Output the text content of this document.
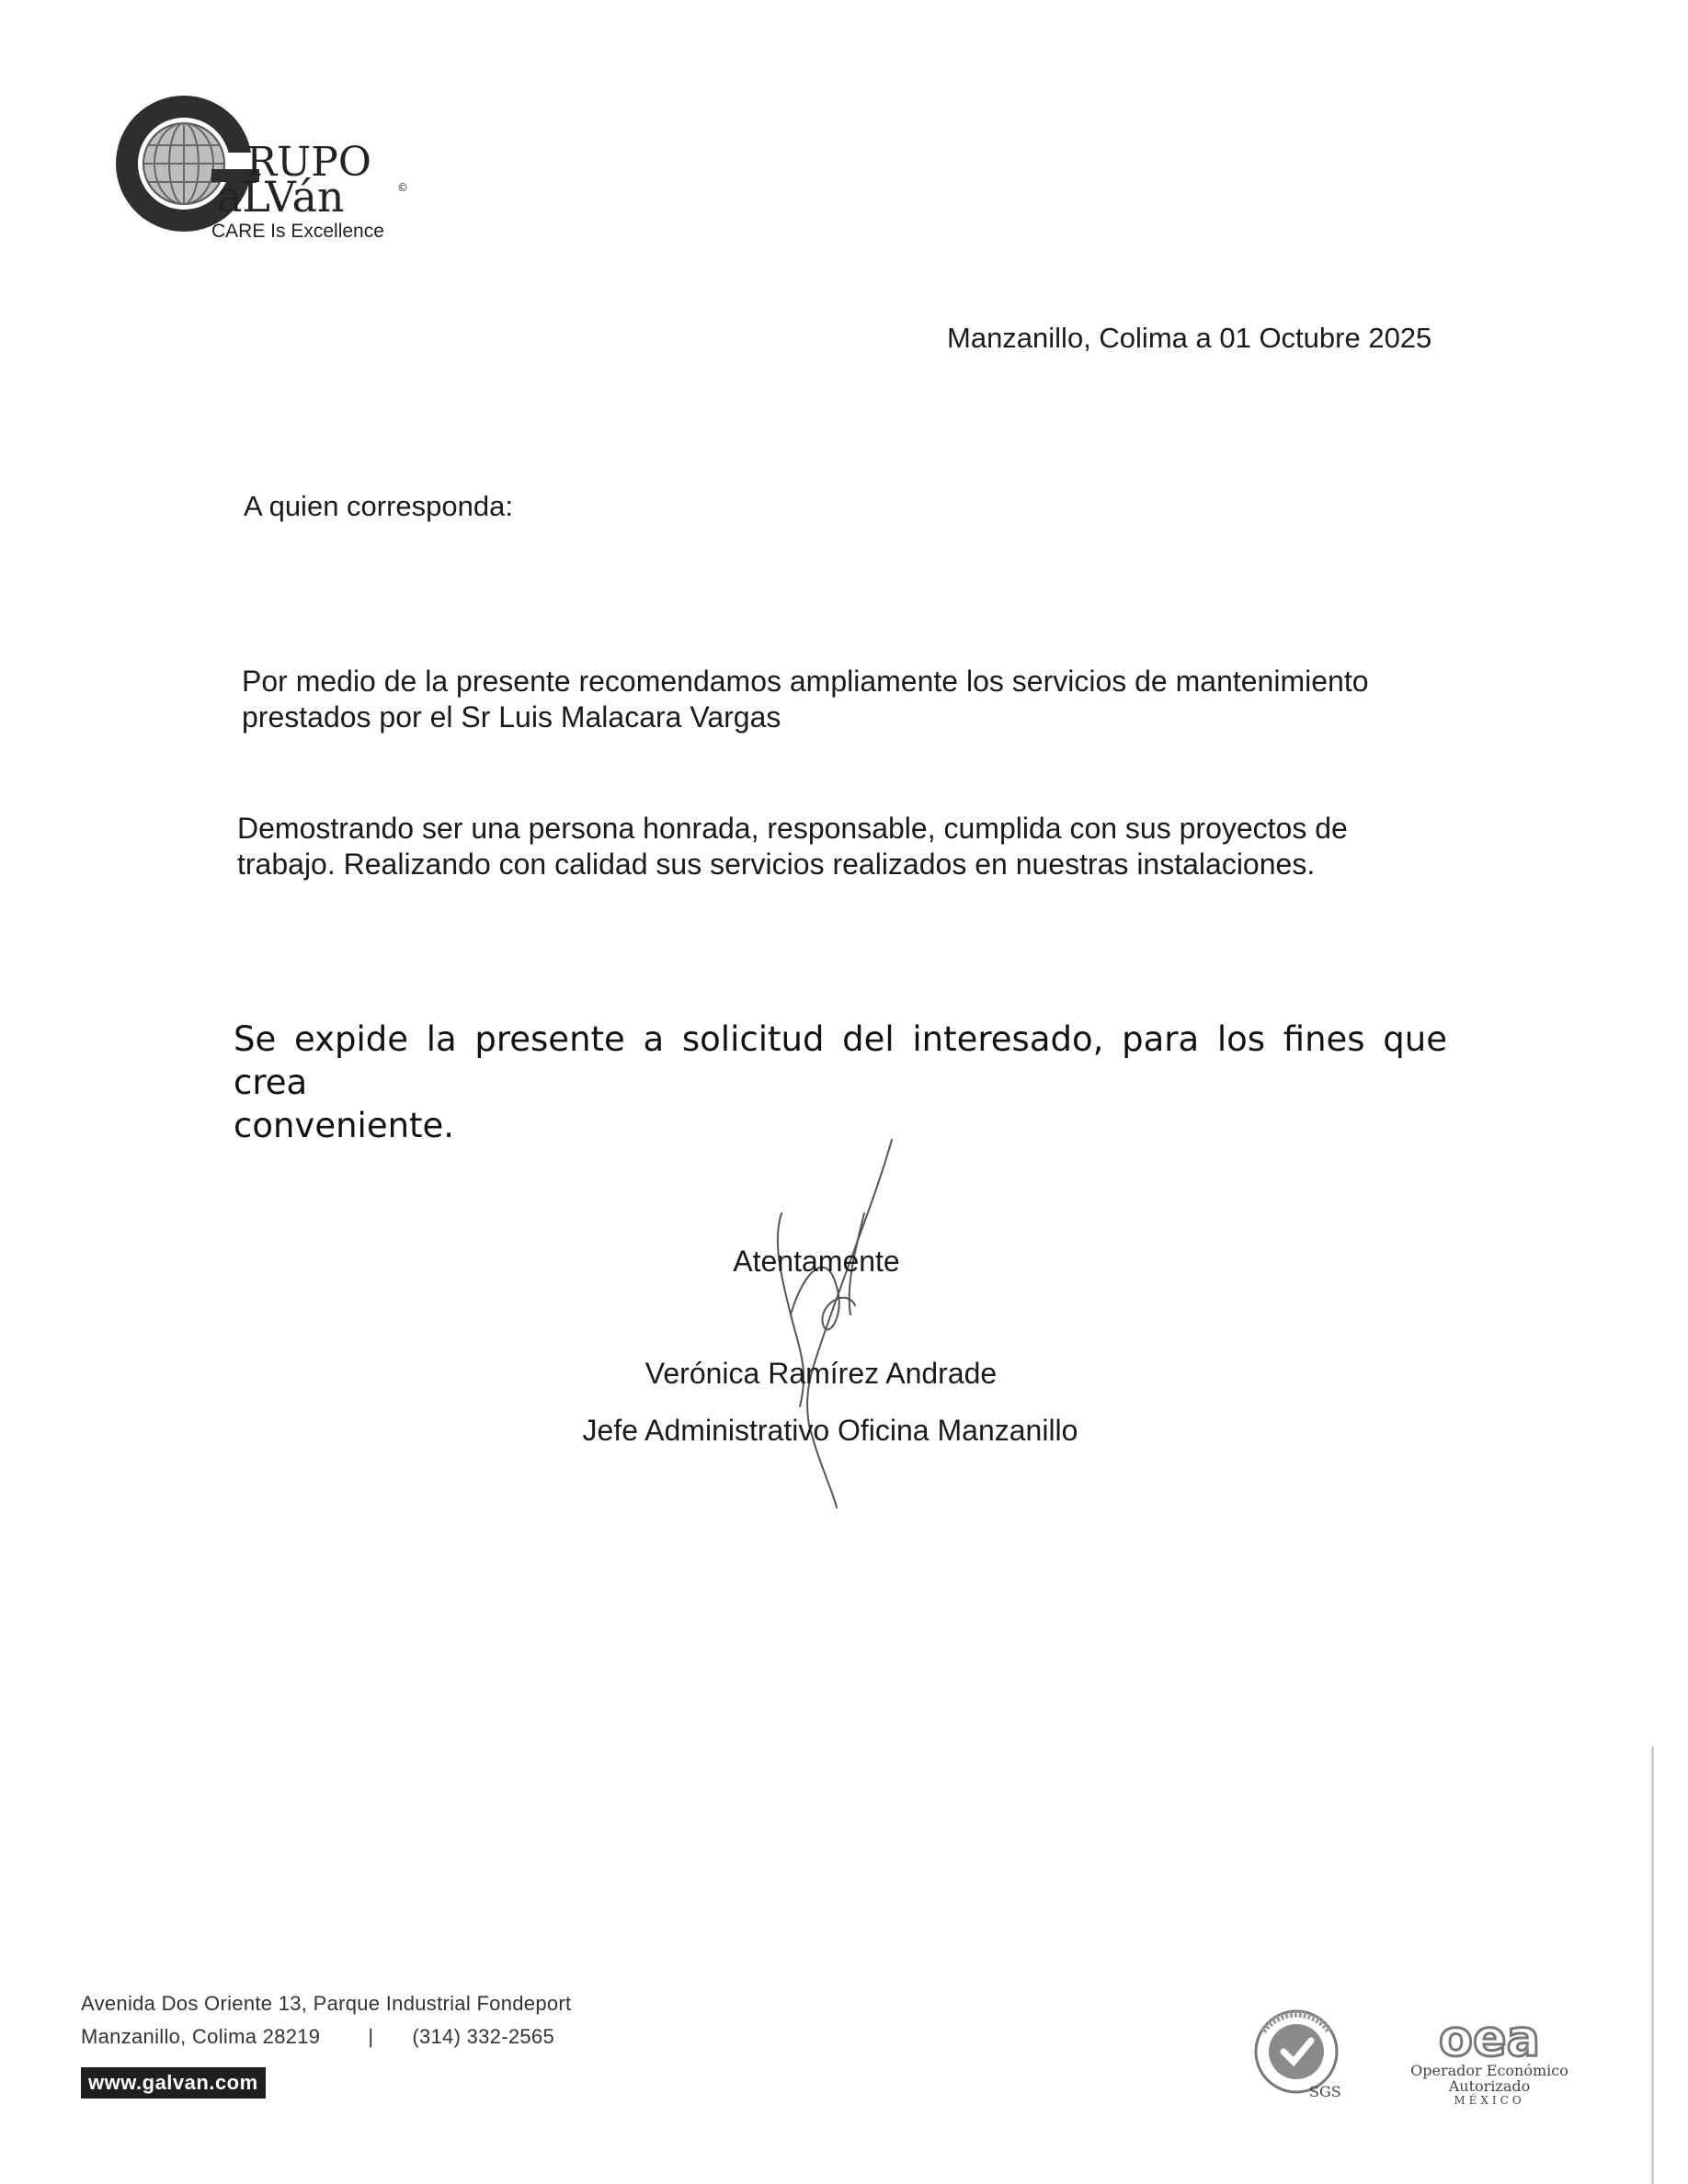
RUPO
aLVán	©
CARE Is Excellence
Manzanillo, Colima a 01 Octubre 2025
A quien corresponda:
Por medio de la presente recomendamos ampliamente los servicios de mantenimiento
prestados por el Sr Luis Malacara Vargas
Demostrando ser una persona honrada, responsable, cumplida con sus proyectos de
trabajo. Realizando con calidad sus servicios realizados en nuestras instalaciones.
Se expide la presente a solicitud del interesado, para los fines que crea
conveniente.
Atentamente
Verónica Ramírez Andrade
Jefe Administrativo Oficina Manzanillo
Avenida Dos Oriente 13, Parque Industrial Fondeport
Manzanillo, Colima 28219 | (314) 332-2565
www.galvan.com	SGS
oea
Operador Económico
Autorizado
MÉXICO
